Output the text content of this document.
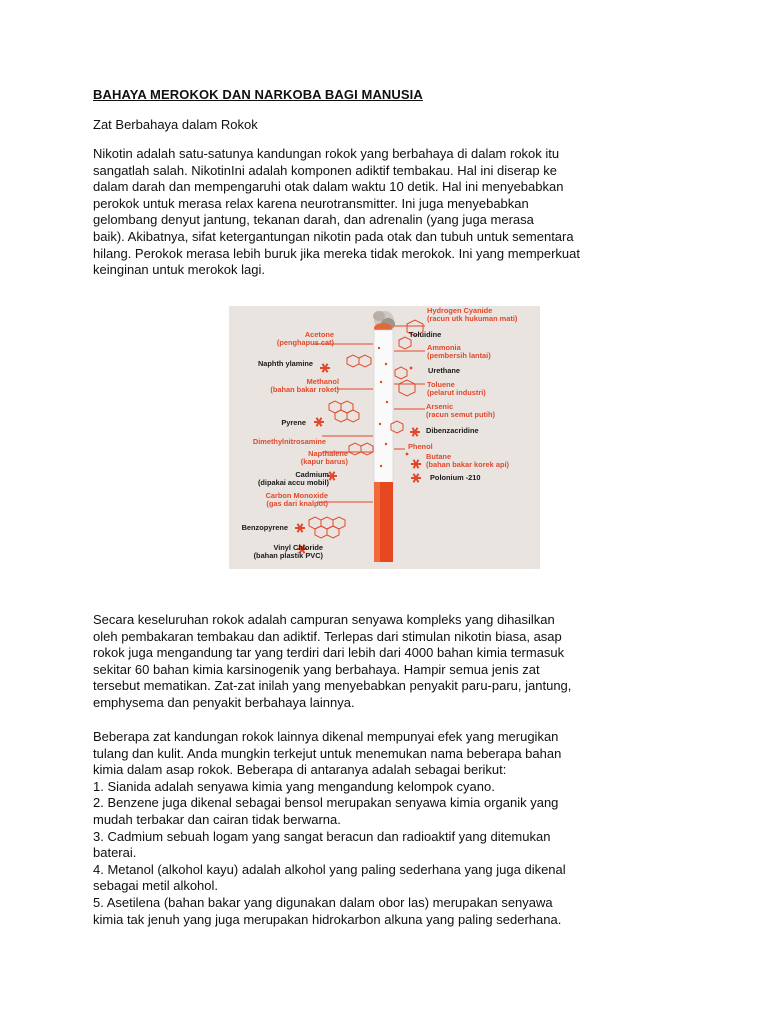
BAHAYA MEROKOK DAN NARKOBA BAGI MANUSIA

Zat Berbahaya dalam Rokok

Nikotin adalah satu-satunya kandungan rokok yang berbahaya di dalam rokok itu
sangatlah salah. NikotinIni adalah komponen adiktif tembakau. Hal ini diserap ke
dalam darah dan mempengaruhi otak dalam waktu 10 detik. Hal ini menyebabkan
perokok untuk merasa relax karena neurotransmitter. Ini juga menyebabkan
gelombang denyut jantung, tekanan darah, dan adrenalin (yang juga merasa
baik). Akibatnya, sifat ketergantungan nikotin pada otak dan tubuh untuk sementara
hilang. Perokok merasa lebih buruk jika mereka tidak merokok. Ini yang memperkuat
keinginan untuk merokok lagi.
Acetone
(penghapus cat)
Naphth ylamine
Methanol
(bahan bakar roket)
Pyrene
Dimethylnitrosamine
Napthalene
(kapur barus)
Cadmium
(dipakai accu mobil)
Carbon Monoxide
(gas dari knalpot)
Benzopyrene
Vinyl Chloride
(bahan plastik PVC)
Hydrogen Cyanide
(racun utk hukuman mati)
Toluidine
Ammonia
(pembersih lantai)
Urethane
Toluene
(pelarut industri)
Arsenic
(racun semut putih)
Dibenzacridine
Phenol
Butane
(bahan bakar korek api)
Polonium -210
Secara keseluruhan rokok adalah campuran senyawa kompleks yang dihasilkan
oleh pembakaran tembakau dan adiktif. Terlepas dari stimulan nikotin biasa, asap
rokok juga mengandung tar yang terdiri dari lebih dari 4000 bahan kimia termasuk
sekitar 60 bahan kimia karsinogenik yang berbahaya. Hampir semua jenis zat
tersebut mematikan. Zat-zat inilah yang menyebabkan penyakit paru-paru, jantung,
emphysema dan penyakit berbahaya lainnya.
Beberapa zat kandungan rokok lainnya dikenal mempunyai efek yang merugikan
tulang dan kulit. Anda mungkin terkejut untuk menemukan nama beberapa bahan
kimia dalam asap rokok. Beberapa di antaranya adalah sebagai berikut:
1. Sianida adalah senyawa kimia yang mengandung kelompok cyano.
2. Benzene juga dikenal sebagai bensol merupakan senyawa kimia organik yang
mudah terbakar dan cairan tidak berwarna.
3. Cadmium sebuah logam yang sangat beracun dan radioaktif yang ditemukan
baterai.
4. Metanol (alkohol kayu) adalah alkohol yang paling sederhana yang juga dikenal
sebagai metil alkohol.
5. Asetilena (bahan bakar yang digunakan dalam obor las) merupakan senyawa
kimia tak jenuh yang juga merupakan hidrokarbon alkuna yang paling sederhana.
